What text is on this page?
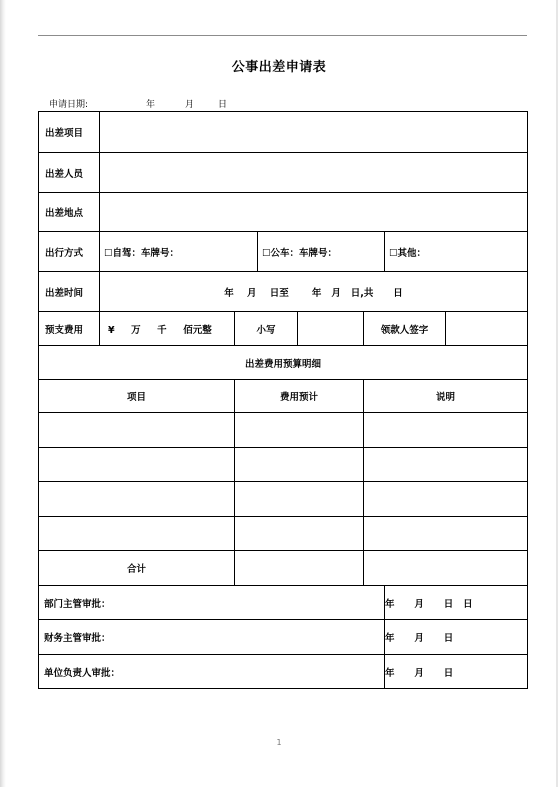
公事出差申请表
申请日期:	年	月	日
出差项目							
出差人员							
出差地点							
出行方式	☐自驾：车牌号：		☐公车：车牌号：			☐其他：	
出差时间	年    月    日至       年   月   日,共      日						
预支费用	¥     万     千     佰元整	小写			领款人签字		
出差费用预算明细							
项目		费用预计			说明		

合计							
部门主管审批：						年      月      日   日	
财务主管审批：						年      月      日	
单位负责人审批：						年      月      日	
1
